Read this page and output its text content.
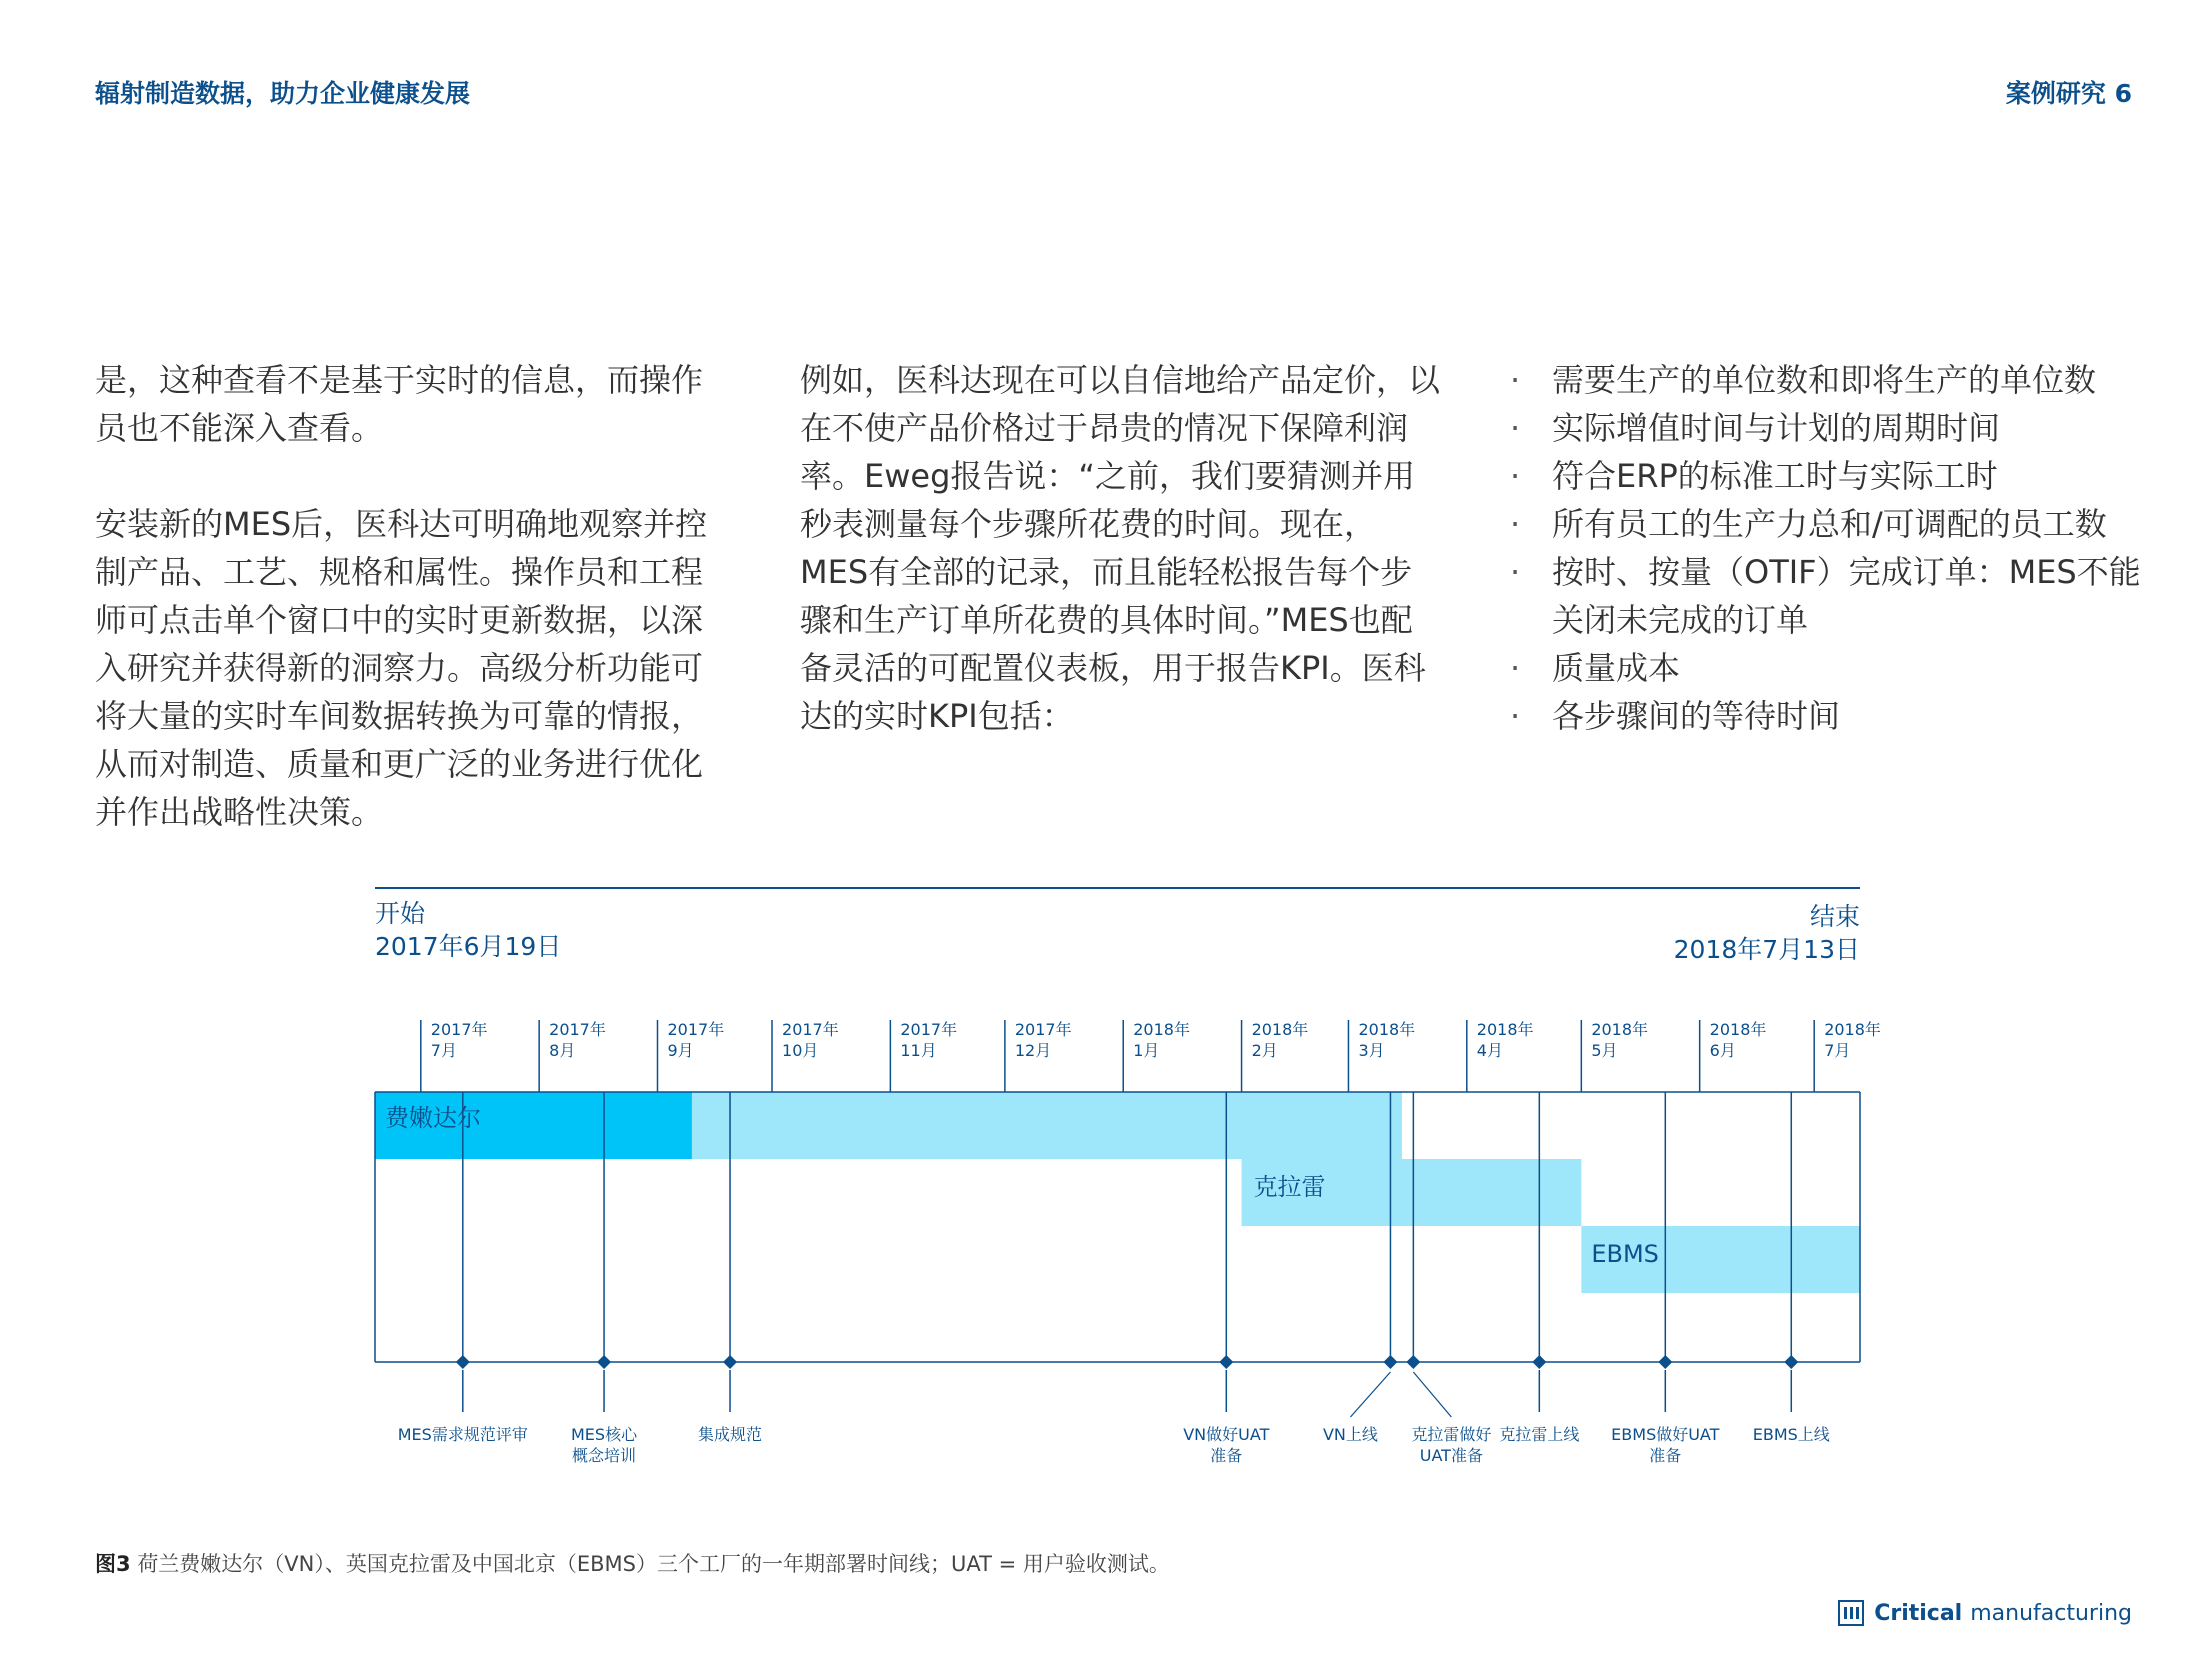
辐射制造数据，助力企业健康发展	案例研究 6

是，这种查看不是基于实时的信息，而操作员也不能深入查看。

安装新的MES后，医科达可明确地观察并控制产品、工艺、规格和属性。操作员和工程师可点击单个窗口中的实时更新数据，以深入研究并获得新的洞察力。高级分析功能可将大量的实时车间数据转换为可靠的情报，从而对制造、质量和更广泛的业务进行优化并作出战略性决策。

例如，医科达现在可以自信地给产品定价，以在不使产品价格过于昂贵的情况下保障利润率。Eweg报告说：“之前，我们要猜测并用秒表测量每个步骤所花费的时间。现在，MES有全部的记录，而且能轻松报告每个步骤和生产订单所花费的具体时间。”MES也配备灵活的可配置仪表板，用于报告KPI。医科达的实时KPI包括：

· 需要生产的单位数和即将生产的单位数
· 实际增值时间与计划的周期时间
· 符合ERP的标准工时与实际工时
· 所有员工的生产力总和/可调配的员工数
· 按时、按量（OTIF）完成订单：MES不能关闭未完成的订单
· 质量成本
· 各步骤间的等待时间
2017年
7月
2017年
8月
2017年
9月
2017年
10月
2017年
11月
2017年
12月
2018年
1月
2018年
2月
2018年
3月
2018年
4月
2018年
5月
2018年
6月
2018年
7月
费嫩达尔
克拉雷
EBMS
MES需求规范评审	MES核心
概念培训
集成规范	VN做好UAT
准备
VN上线 克拉雷做好
UAT准备
克拉雷上线 EBMS做好UAT
准备
EBMS上线
开始
2017年6月19日
结束
2018年7月13日
图3 荷兰费嫩达尔（VN）、英国克拉雷及中国北京（EBMS）三个工厂的一年期部署时间线；UAT = 用户验收测试。
Critical manufacturing
